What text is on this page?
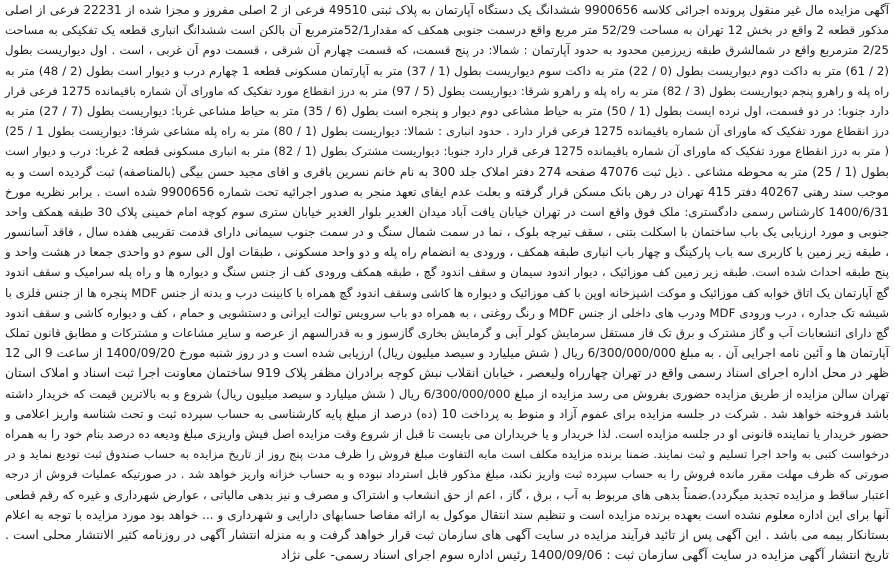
آگهی مزایده مال غیر منقول پرونده اجرائی کلاسه 9900656 ششدانگ یک دستگاه آپارتمان به پلاک ثبتی 49510 فرعی از 2 اصلی مفروز و مجزا شده از 22231 فرعی از اصلی
مذکور قطعه 2 واقع در بخش 12 تهران به مساحت 52/29 متر مربع واقع درسمت جنوبی همکف که مقدار52/1مترمربع آن بالکن است ششدانگ انباری قطعه یک تفکیکی به مساحت
2/25 مترمربع واقع در شمالشرق طبقه زیرزمین محدود به حدود آپارتمان : شمالا: در پنج قسمت، که قسمت چهارم آن شرقی ، قسمت دوم آن غربی ، است . اول دیواریست بطول
(2 / 61) متر به داکت دوم دیواریست بطول (0 / 22) متر به داکت سوم دیواریست بطول (1 / 37) متر به آپارتمان مسکونی قطعه 1 چهارم درب و دیوار است بطول (2 / 48) متر به
راه پله و راهرو پنجم دیواریست بطول (3 / 82) متر به راه پله و راهرو شرقا: دیواریست بطول (5 / 97) متر به درز انقطاع مورد تفکیک که ماورای آن شماره باقیمانده 1275 فرعی قرار
دارد جنوبا: در دو قسمت، اول نرده ایست بطول (1 / 50) متر به حیاط مشاعی دوم دیوار و پنجره است بطول (6 / 35) متر به حیاط مشاعی غربا: دیواریست بطول (7 / 27) متر به
درز انقطاع مورد تفکیک که ماورای آن شماره باقیمانده 1275 فرعی قرار دارد . حدود انباری : شمالا: دیواریست بطول (1 / 80) متر به راه پله مشاعی شرقا: دیواریست بطول 1 / 25)
( متر به درز انقطاع مورد تفکیک که ماورای آن شماره باقیمانده 1275 فرعی قرار دارد جنوبا: دیواریست مشترک بطول (1 / 82) متر به انباری مسکونی قطعه 2 غربا: درب و دیوار است
بطول (1 / 25) متر به محوطه مشاعی . ذیل ثبت 47076 صفحه 274 دفتر املاک جلد 300 به نام خانم نسرین باقری و اقای مجید حسن بیگی (بالمناصفه) ثبت گردیده است و به
موجب سند رهنی 40267 دفتر 415 تهران در رهن بانک مسکن قرار گرفته و بعلت عدم ایفای تعهد منجر به صدور اجرائیه تحت شماره 9900656 شده است . برابر نظریه مورخ
1400/6/31 کارشناس رسمی دادگستری: ملک فوق واقع است در تهران خیابان یافت آباد میدان الغدیر بلوار الغدیر خیابان ستری سوم کوچه امام خمینی پلاک 30 طبقه همکف واحد
جنوبی و مورد ارزیابی یک باب ساختمان با اسکلت بتنی ، سقف تیرچه بلوک ، نما در سمت شمال سنگ و در سمت جنوب سیمانی دارای قدمت تقریبی هفده سال ، فاقد آسانسور
، طبقه زیر زمین با کاربری سه باب پارکینگ و چهار باب انباری طبقه همکف ، ورودی به انضمام راه پله و دو واحد مسکونی ، طبقات اول الی سوم دو واحدی جمعا در هشت واحد و
پنج طبقه احداث شده است. طبقه زیر زمین کف موزائیک ، دیوار اندود سیمان و سقف اندود گچ ، طبقه همکف ورودی کف از جنس سنگ و دیواره ها و راه پله سرامیک و سقف اندود
گچ آپارتمان یک اتاق خوابه کف موزائیک و موکت اشپزخانه اوپن با کف موزائیک و دیواره ها کاشی وسقف اندود گچ همراه با کابینت درب و بدنه از جنس MDF پنجره ها از جنس فلزی با
شیشه تک جداره ، درب ورودی MDF ودرب های داخلی از جنس MDF و رنگ روغنی ، به همراه دو باب سرویس توالت ایرانی و دستشویی و حمام ، کف و دیواره کاشی و سقف اندود
گچ دارای انشعابات آب و گاز مشترک و برق تک فاز مستقل سرمایش کولر آبی و گرمایش بخاری گازسوز و به قدرالسهم از عرصه و سایر مشاعات و مشترکات و مطابق قانون تملک
آپارتمان ها و آئین نامه اجرایی آن . به مبلغ 6/300/000/000 ریال ( شش میلیارد و سیصد میلیون ریال) ارزیابی شده است و در روز شنبه مورخ 1400/09/20 از ساعت 9 الی 12
ظهر در محل اداره اجرای اسناد رسمی واقع در تهران چهارراه ولیعصر ، خیابان انقلاب نبش کوچه برادران مظفر پلاک 919 ساختمان معاونت اجرا ثبت اسناد و املاک استان
تهران سالن مزایده از طریق مزایده حضوری بفروش می رسد مزایده از مبلغ 6/300/000/000 ریال ( شش میلیارد و سیصد میلیون ریال) شروع و به بالاترین قیمت که خریدار داشته
باشد فروخته خواهد شد . شرکت در جلسه مزایده برای عموم آزاد و منوط به پرداخت 10 (ده) درصد از مبلغ پایه کارشناسی به حساب سپرده ثبت و تحت شناسه واریز اعلامی و
حضور خریدار یا نماینده قانونی او در جلسه مزایده است. لذا خریدار و یا خریداران می بایست تا قبل از شروع وقت مزایده اصل فیش واریزی مبلغ ودیعه ده درصد بنام خود را به همراه
درخواست کتبی به واحد اجرا تسلیم و ثبت نمایند. ضمنا برنده مزایده مکلف است مابه التفاوت مبلغ فروش را ظرف مدت پنج روز از تاریخ مزایده به حساب صندوق ثبت تودیع نماید و در
صورتی که ظرف مهلت مقرر مانده فروش را به حساب سپرده ثبت واریز نکند، مبلغ مذکور قابل استرداد نبوده و به حساب خزانه واریز خواهد شد . در صورتیکه عملیات فروش از درجه
اعتبار ساقط و مزایده تجدید میگردد).ضمناً بدهی های مربوط به آب ، برق ، گاز ، اعم از حق انشعاب و اشتراک و مصرف و نیز بدهی مالیاتی ، عوارض شهرداری و غیره که رقم قطعی
آنها برای این اداره معلوم نشده است بعهده برنده مزایده است و تنظیم سند انتقال موکول به ارائه مفاصا حسابهای دارایی و شهرداری و ... خواهد بود مورد مزایده با توجه به اعلام
بستانکار بیمه می باشد . این آگهی پس از تائید فرآیند مزایده در سایت آگهی های سازمان ثبت قرار خواهد گرفت و به منزله انتشار آگهی در روزنامه کثیر الانتشار محلی است .
تاریخ انتشار آگهی مزایده در سایت آگهی سازمان ثبت : 1400/09/06 رئیس اداره سوم اجرای اسناد رسمی- علی نژاد
